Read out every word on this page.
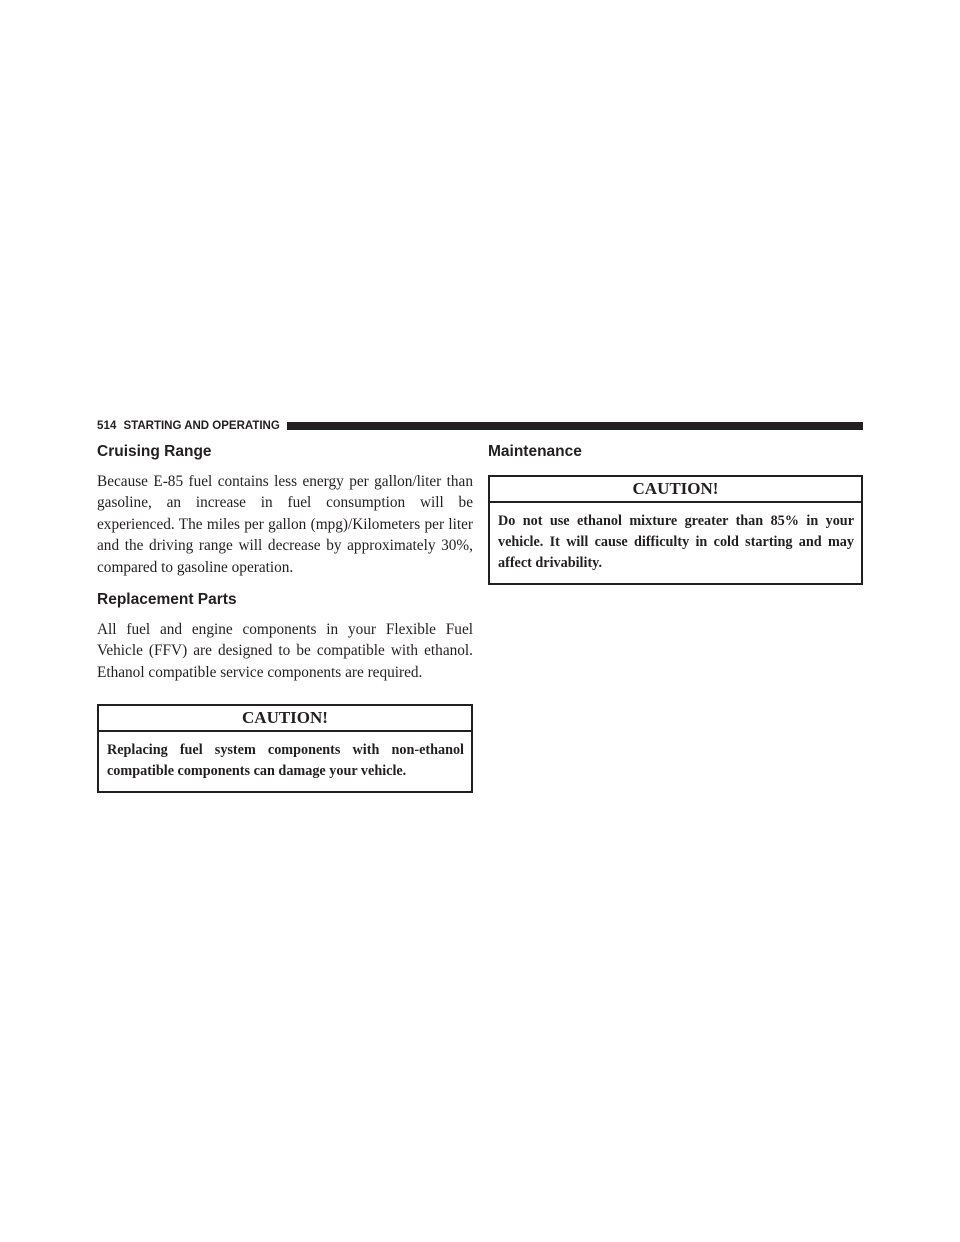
514 STARTING AND OPERATING
Cruising Range

Because E-85 fuel contains less energy per gallon/liter than gasoline, an increase in fuel consumption will be experienced. The miles per gallon (mpg)/Kilometers per liter and the driving range will decrease by approximately 30%, compared to gasoline operation.

Replacement Parts

All fuel and engine components in your Flexible Fuel Vehicle (FFV) are designed to be compatible with ethanol. Ethanol compatible service components are required.

CAUTION!
Replacing fuel system components with non-ethanol compatible components can damage your vehicle.
Maintenance
CAUTION!
Do not use ethanol mixture greater than 85% in your vehicle. It will cause difficulty in cold starting and may affect drivability.
